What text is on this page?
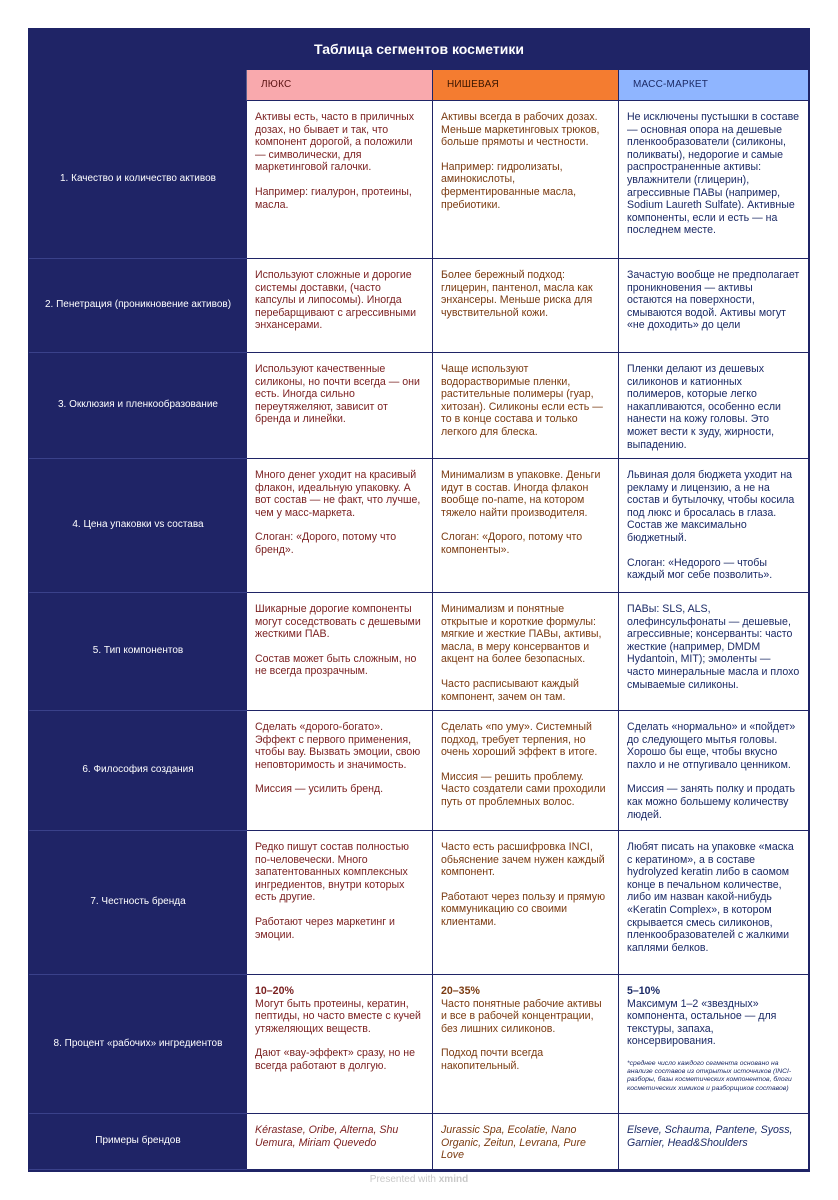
Таблица сегментов косметики
ЛЮКС	НИШЕВАЯ	МАСС-МАРКЕТ
1. Качество и количество активов

Активы есть, часто в приличных дозах, но бывает и так, что компонент дорогой, а положили — символически, для маркетинговой галочки.

Например: гиалурон, протеины, масла.

Активы всегда в рабочих дозах. Меньше маркетинговых трюков, больше прямоты и честности.

Например: гидролизаты, аминокислоты, ферментированные масла, пребиотики.

Не исключены пустышки в составе — основная опора на дешевые пленкообразователи (силиконы, поликваты), недорогие и самые распространенные активы: увлажнители (глицерин), агрессивные ПАВы (например, Sodium Laureth Sulfate). Активные компоненты, если и есть — на последнем месте.

2. Пенетрация (проникновение активов)

Используют сложные и дорогие системы доставки, (часто капсулы и липосомы). Иногда перебарщивают с агрессивными энхансерами.

Более бережный подход: глицерин, пантенол, масла как энхансеры. Меньше риска для чувствительной кожи.

Зачастую вообще не предполагает проникновения — активы остаются на поверхности, смываются водой. Активы могут «не доходить» до цели

3. Окклюзия и пленкообразование

Используют качественные силиконы, но почти всегда — они есть. Иногда сильно переутяжеляют, зависит от бренда и линейки.

Чаще используют водорастворимые пленки, растительные полимеры (гуар, хитозан). Силиконы если есть — то в конце состава и только легкого для блеска.

Пленки делают из дешевых силиконов и катионных полимеров, которые легко накапливаются, особенно если нанести на кожу головы. Это может вести к зуду, жирности, выпадению.

4. Цена упаковки vs состава

Много денег уходит на красивый флакон, идеальную упаковку. А вот состав — не факт, что лучше, чем у масс-маркета.

Слоган: «Дорого, потому что бренд».

Минимализм в упаковке. Деньги идут в состав. Иногда флакон вообще no-name, на котором тяжело найти производителя.

Слоган: «Дорого, потому что компоненты».

Львиная доля бюджета уходит на рекламу и лицензию, а не на состав и бутылочку, чтобы косила под люкс и бросалась в глаза. Состав же максимально бюджетный.

Слоган: «Недорого — чтобы каждый мог себе позволить».

5. Тип компонентов

Шикарные дорогие компоненты могут соседствовать с дешевыми жесткими ПАВ.

Состав может быть сложным, но не всегда прозрачным.

Минимализм и понятные открытые и короткие формулы: мягкие и жесткие ПАВы, активы, масла, в меру консервантов и акцент на более безопасных.

Часто расписывают каждый компонент, зачем он там.

ПАВы: SLS, ALS, олефинсульфонаты — дешевые, агрессивные; консерванты: часто жесткие (например, DMDM Hydantoin, MIT); эмоленты — часто минеральные масла и плохо смываемые силиконы.

6. Философия создания

Сделать «дорого-богато». Эффект с первого применения, чтобы вау. Вызвать эмоции, свою неповторимость и значимость.

Миссия — усилить бренд.

Сделать «по уму». Системный подход, требует терпения, но очень хороший эффект в итоге.

Миссия — решить проблему. Часто создатели сами проходили путь от проблемных волос.

Сделать «нормально» и «пойдет» до следующего мытья головы. Хорошо бы еще, чтобы вкусно пахло и не отпугивало ценником.

Миссия — занять полку и продать как можно большему количеству людей.

7. Честность бренда

Редко пишут состав полностью по-человечески. Много запатентованных комплексных ингредиентов, внутри которых есть другие.

Работают через маркетинг и эмоции.

Часто есть расшифровка INCI, обьяснение зачем нужен каждый компонент.

Работают через пользу и прямую коммуникацию со своими клиентами.

Любят писать на упаковке «маска с кератином», а в составе hydrolyzed keratin либо в саомом конце в печальном количестве, либо им назван какой-нибудь «Keratin Complex», в котором скрывается смесь силиконов, пленкообразователей с жалкими каплями белков.

8. Процент «рабочих» ингредиентов
10–20%

Могут быть протеины, кератин, пептиды, но часто вместе с кучей утяжеляющих веществ.

Дают «вау-эффект» сразу, но не всегда работают в долгую.

20–35%

Часто понятные рабочие активы и все в рабочей концентрации, без лишних силиконов.

Подход почти всегда накопительный.

5–10%

Максимум 1–2 «звездных» компонента, остальное — для текстуры, запаха, консервирования.

*среднее число каждого сегмента основано на анализе составов из открытых источников (INCI-разборы, базы косметических компонентов, блоги косметических химиков и разборщиков составов)
Примеры брендов

Kérastase, Oribe, Alterna, Shu Uemura, Miriam Quevedo

Jurassic Spa, Ecolatie, Nano Organic, Zeitun, Levrana, Pure Love

Elseve, Schauma, Pantene, Syoss, Garnier, Head&Shoulders

Presented with xmind
